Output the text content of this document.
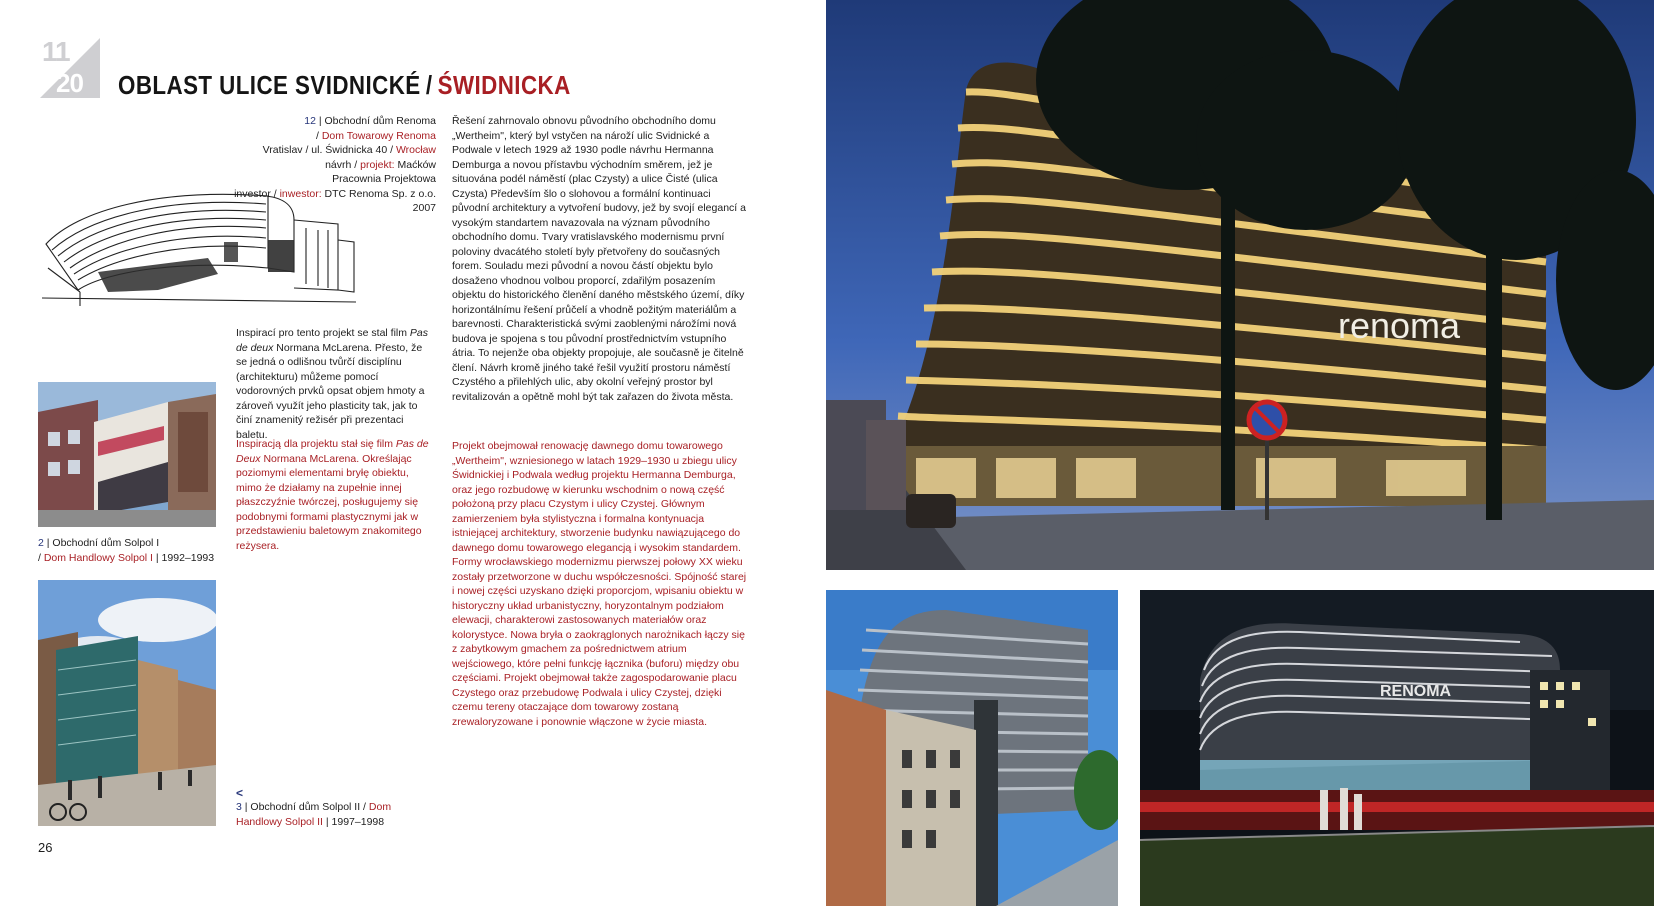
11
20 OBLAST ULICE SVIDNICKÉ / ŚWIDNICKA
12 | Obchodní dům Renoma
/ Dom Towarowy Renoma
Vratislav / ul. Świdnicka 40 / Wrocław
návrh / projekt: Maćków
Pracownia Projektowa
investor / inwestor: DTC Renoma Sp. z o.o.
2007
Inspirací pro tento projekt se stal film Pas de deux Normana McLarena. Přesto, že se jedná o odlišnou tvůrčí disciplínu (architekturu) můžeme pomocí vodorovných prvků opsat objem hmoty a zároveň využít jeho plasticity tak, jak to činí znamenitý režisér při prezentaci baletu.
Inspiracją dla projektu stał się film Pas de Deux Normana McLarena. Określając poziomymi elementami bryłę obiektu, mimo że działamy na zupełnie innej płaszczyźnie twórczej, posługujemy się podobnymi formami plastycznymi jak w przedstawieniu baletowym znakomitego reżysera.
Řešení zahrnovalo obnovu původního obchodního domu „Wertheim", který byl vstyčen na nároží ulic Svidnické a Podwale v letech 1929 až 1930 podle návrhu Hermanna Demburga a novou přístavbu východním směrem, jež je situována podél náměstí (plac Czysty) a ulice Čisté (ulica Czysta) Především šlo o slohovou a formální kontinuaci původní architektury a vytvoření budovy, jež by svojí elegancí a vysokým standartem navazovala na význam původního obchodního domu. Tvary vratislavského modernismu první poloviny dvacátého století byly přetvořeny do současných forem. Souladu mezi původní a novou částí objektu bylo dosaženo vhodnou volbou proporcí, zdařilým posazením objektu do historického členění daného městského území, díky horizontálnímu řešení průčelí a vhodně požitým materiálům a barevnosti. Charakteristická svými zaoblenými nárožími nová budova je spojena s tou původní prostřednictvím vstupního átria. To nejenže oba objekty propojuje, ale současně je čitelně člení. Návrh kromě jiného také řešil využití prostoru náměstí Czystého a přilehlých ulic, aby okolní veřejný prostor byl revitalizován a opětně mohl být tak zařazen do života města.
Projekt obejmował renowację dawnego domu towarowego „Wertheim", wzniesionego w latach 1929–1930 u zbiegu ulicy Świdnickiej i Podwala według projektu Hermanna Demburga, oraz jego rozbudowę w kierunku wschodnim o nową część położoną przy placu Czystym i ulicy Czystej. Głównym zamierzeniem była stylistyczna i formalna kontynuacja istniejącej architektury, stworzenie budynku nawiązującego do dawnego domu towarowego elegancją i wysokim standardem. Formy wrocławskiego modernizmu pierwszej połowy XX wieku zostały przetworzone w duchu współczesności. Spójność starej i nowej części uzyskano dzięki proporcjom, wpisaniu obiektu w historyczny układ urbanistyczny, horyzontalnym podziałom elewacji, charakterowi zastosowanych materiałów oraz kolorystyce. Nowa bryła o zaokrąglonych narożnikach łączy się z zabytkowym gmachem za pośrednictwem atrium wejściowego, które pełni funkcję łącznika (buforu) między obu częściami. Projekt obejmował także zagospodarowanie placu Czystego oraz przebudowę Podwala i ulicy Czystej, dzięki czemu tereny otaczające dom towarowy zostaną zrewaloryzowane i ponownie włączone w życie miasta.
2 | Obchodní dům Solpol I
/ Dom Handlowy Solpol I | 1992–1993
<
3 | Obchodní dům Solpol II / Dom Handlowy Solpol II | 1997–1998
26
renoma
RENOMA
